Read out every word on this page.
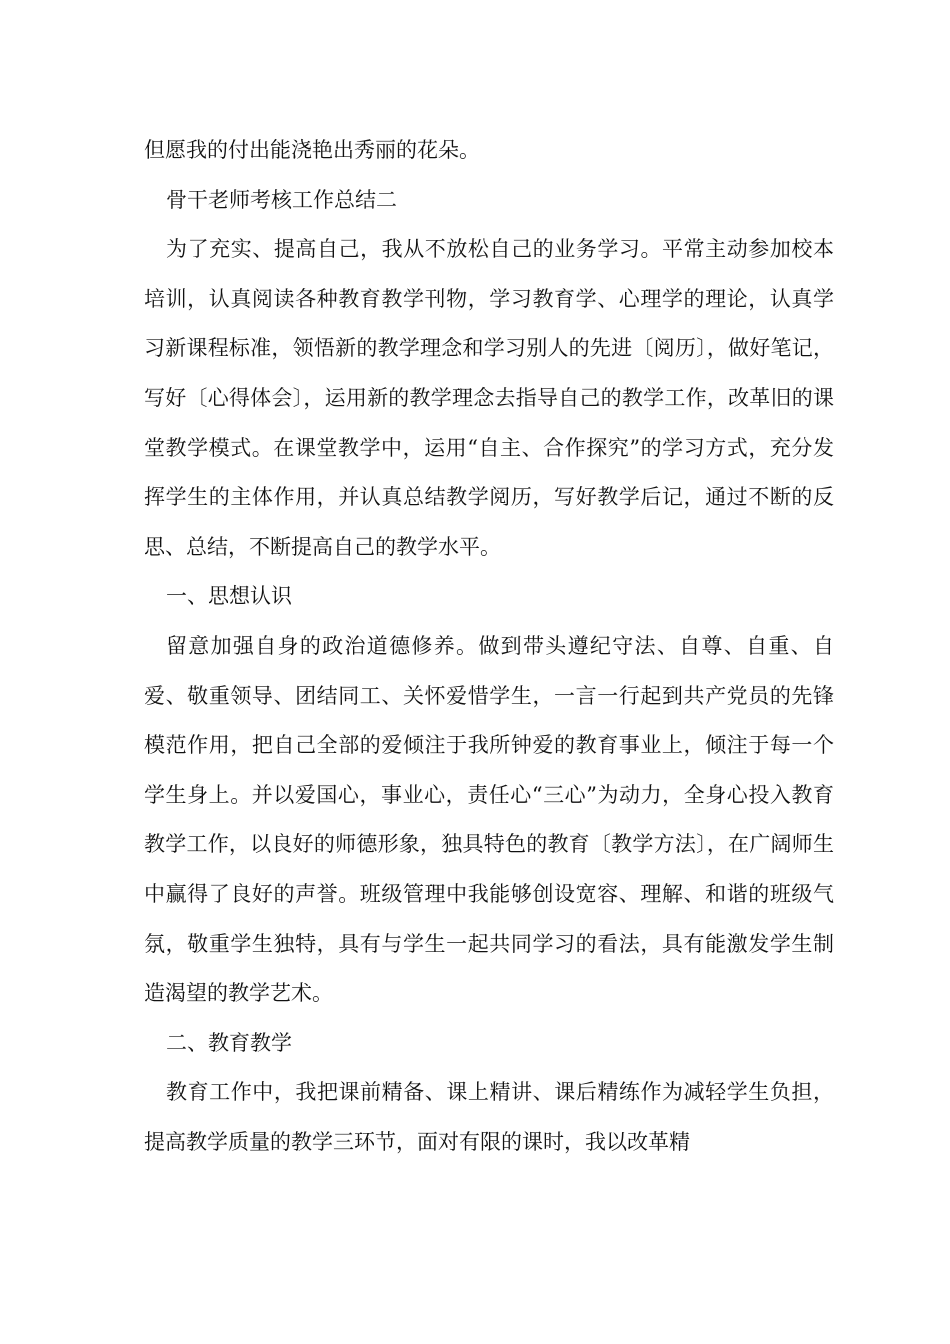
但愿我的付出能浇艳出秀丽的花朵。

骨干老师考核工作总结二

为了充实、提高自己，我从不放松自己的业务学习。平常主动参加校本培训，认真阅读各种教育教学刊物，学习教育学、心理学的理论，认真学习新课程标准，领悟新的教学理念和学习别人的先进〔阅历〕，做好笔记，写好〔心得体会〕，运用新的教学理念去指导自己的教学工作，改革旧的课堂教学模式。在课堂教学中，运用“自主、合作探究”的学习方式，充分发挥学生的主体作用，并认真总结教学阅历，写好教学后记，通过不断的反思、总结，不断提高自己的教学水平。

一、思想认识

留意加强自身的政治道德修养。做到带头遵纪守法、自尊、自重、自爱、敬重领导、团结同工、关怀爱惜学生，一言一行起到共产党员的先锋模范作用，把自己全部的爱倾注于我所钟爱的教育事业上，倾注于每一个学生身上。并以爱国心，事业心，责任心“三心”为动力，全身心投入教育教学工作，以良好的师德形象，独具特色的教育〔教学方法〕，在广阔师生中赢得了良好的声誉。班级管理中我能够创设宽容、理解、和谐的班级气氛，敬重学生独特，具有与学生一起共同学习的看法，具有能激发学生制造渴望的教学艺术。

二、教育教学

教育工作中，我把课前精备、课上精讲、课后精练作为减轻学生负担，提高教学质量的教学三环节，面对有限的课时，我以改革精
